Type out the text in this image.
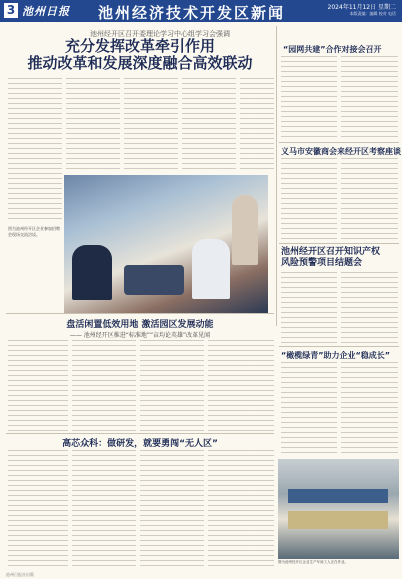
3 池州日报 池州经济技术开发区新闻	2024年11月12日 星期二
本版责编：编辑 校对 电话
池州经开区召开委理论学习中心组学习会强调
充分发挥改革牵引作用
推动改革和发展深度融合高效联动
图为池州经开区企业参加招聘会现场交流洽谈。
盘活闲置低效用地 激活园区发展动能
—— 池州经开区推进“标准地”“亩均论英雄”改革见闻
高芯众科：做研发，就要勇闯“无人区”
“园网共建”合作对接会召开
义马市安徽商会来经开区考察座谈
池州经开区召开知识产权
风险预警项目结题会
“橄榄绿青”助力企业“稳成长”
图为池州经开区企业生产车间工人正在作业。
池州日报社出版
